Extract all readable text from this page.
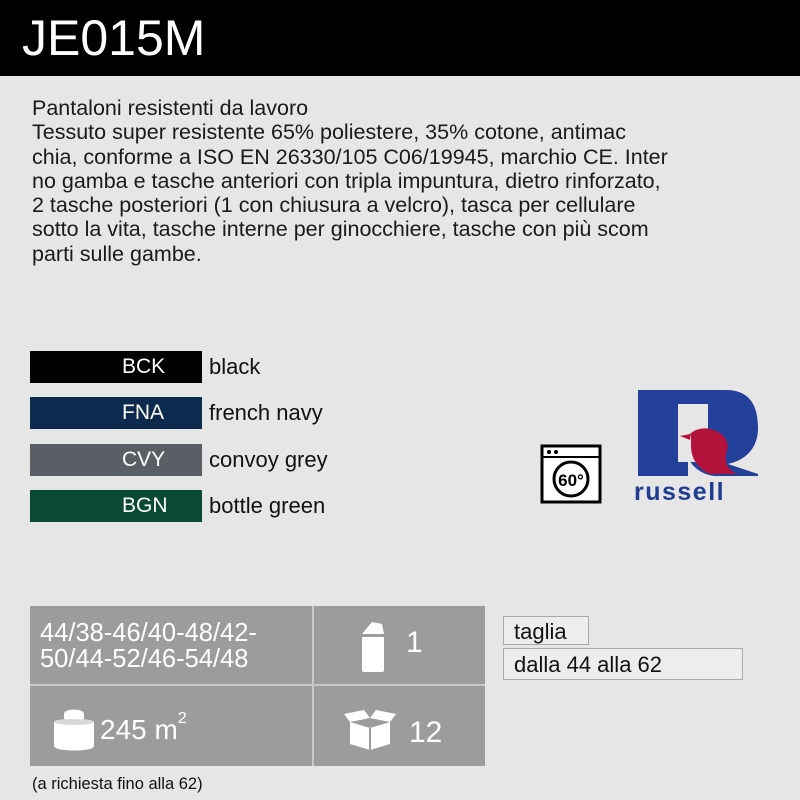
JE015M
Pantaloni resistenti da lavoro
Tessuto super resistente 65% poliestere, 35% cotone, antimac
chia, conforme a ISO EN 26330/105 C06/19945, marchio CE. Inter
no gamba e tasche anteriori con tripla impuntura, dietro rinforzato,
2 tasche posteriori (1 con chiusura a velcro), tasca per cellulare
sotto la vita, tasche interne per ginocchiere, tasche con più scom
parti sulle gambe.
BCK black
FNA french navy
CVY convoy grey
BGN bottle green
60° russell
44/38-46/40-48/42-
50/44-52/46-54/48	1
245 $m^2$	12
taglia
dalla 44 alla 62
(a richiesta fino alla 62)
